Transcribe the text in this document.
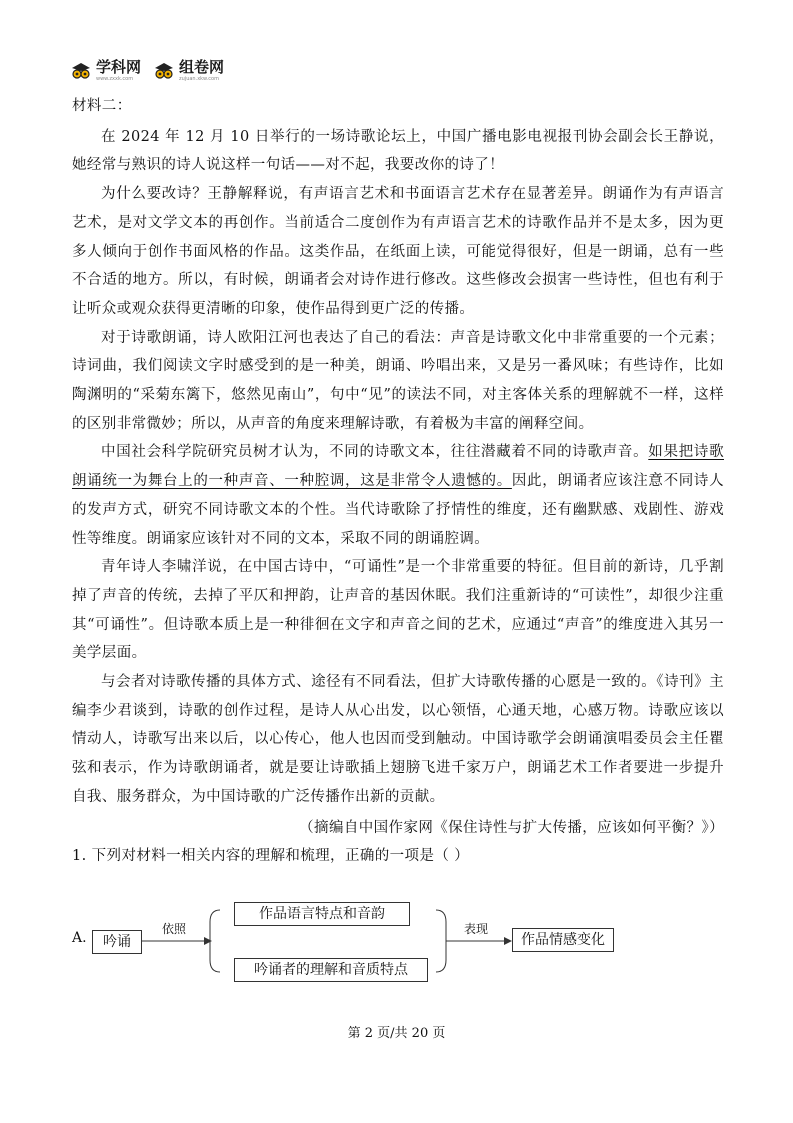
学科网
www.zxxk.com
组卷网
zujuan.xkw.com

材料二：

在 2024 年 12 月 10 日举行的一场诗歌论坛上，中国广播电影电视报刊协会副会长王静说，她经常与熟识的诗人说这样一句话——对不起，我要改你的诗了！

为什么要改诗？王静解释说，有声语言艺术和书面语言艺术存在显著差异。朗诵作为有声语言艺术，是对文学文本的再创作。当前适合二度创作为有声语言艺术的诗歌作品并不是太多，因为更多人倾向于创作书面风格的作品。这类作品，在纸面上读，可能觉得很好，但是一朗诵，总有一些不合适的地方。所以，有时候，朗诵者会对诗作进行修改。这些修改会损害一些诗性，但也有利于让听众或观众获得更清晰的印象，使作品得到更广泛的传播。

对于诗歌朗诵，诗人欧阳江河也表达了自己的看法：声音是诗歌文化中非常重要的一个元素；诗词曲，我们阅读文字时感受到的是一种美，朗诵、吟唱出来，又是另一番风味；有些诗作，比如陶渊明的“采菊东篱下，悠然见南山”，句中“见”的读法不同，对主客体关系的理解就不一样，这样的区别非常微妙；所以，从声音的角度来理解诗歌，有着极为丰富的阐释空间。

中国社会科学院研究员树才认为，不同的诗歌文本，往往潜藏着不同的诗歌声音。如果把诗歌朗诵统一为舞台上的一种声音、一种腔调，这是非常令人遗憾的。因此，朗诵者应该注意不同诗人的发声方式，研究不同诗歌文本的个性。当代诗歌除了抒情性的维度，还有幽默感、戏剧性、游戏性等维度。朗诵家应该针对不同的文本，采取不同的朗诵腔调。

青年诗人李啸洋说，在中国古诗中，“可诵性”是一个非常重要的特征。但目前的新诗，几乎割掉了声音的传统，去掉了平仄和押韵，让声音的基因休眠。我们注重新诗的“可读性”，却很少注重其“可诵性”。但诗歌本质上是一种徘徊在文字和声音之间的艺术，应通过“声音”的维度进入其另一美学层面。

与会者对诗歌传播的具体方式、途径有不同看法，但扩大诗歌传播的心愿是一致的。《诗刊》主编李少君谈到，诗歌的创作过程，是诗人从心出发，以心领悟，心通天地，心感万物。诗歌应该以情动人，诗歌写出来以后，以心传心，他人也因而受到触动。中国诗歌学会朗诵演唱委员会主任瞿弦和表示，作为诗歌朗诵者，就是要让诗歌插上翅膀飞进千家万户，朗诵艺术工作者要进一步提升自我、服务群众，为中国诗歌的广泛传播作出新的贡献。

（摘编自中国作家网《保住诗性与扩大传播，应该如何平衡？》）

1. 下列对材料一相关内容的理解和梳理，正确的一项是（ ）

A.	吟诵
依照
作品语言特点和音韵
吟诵者的理解和音质特点
表现
作品情感变化
第 2 页/共 20 页
